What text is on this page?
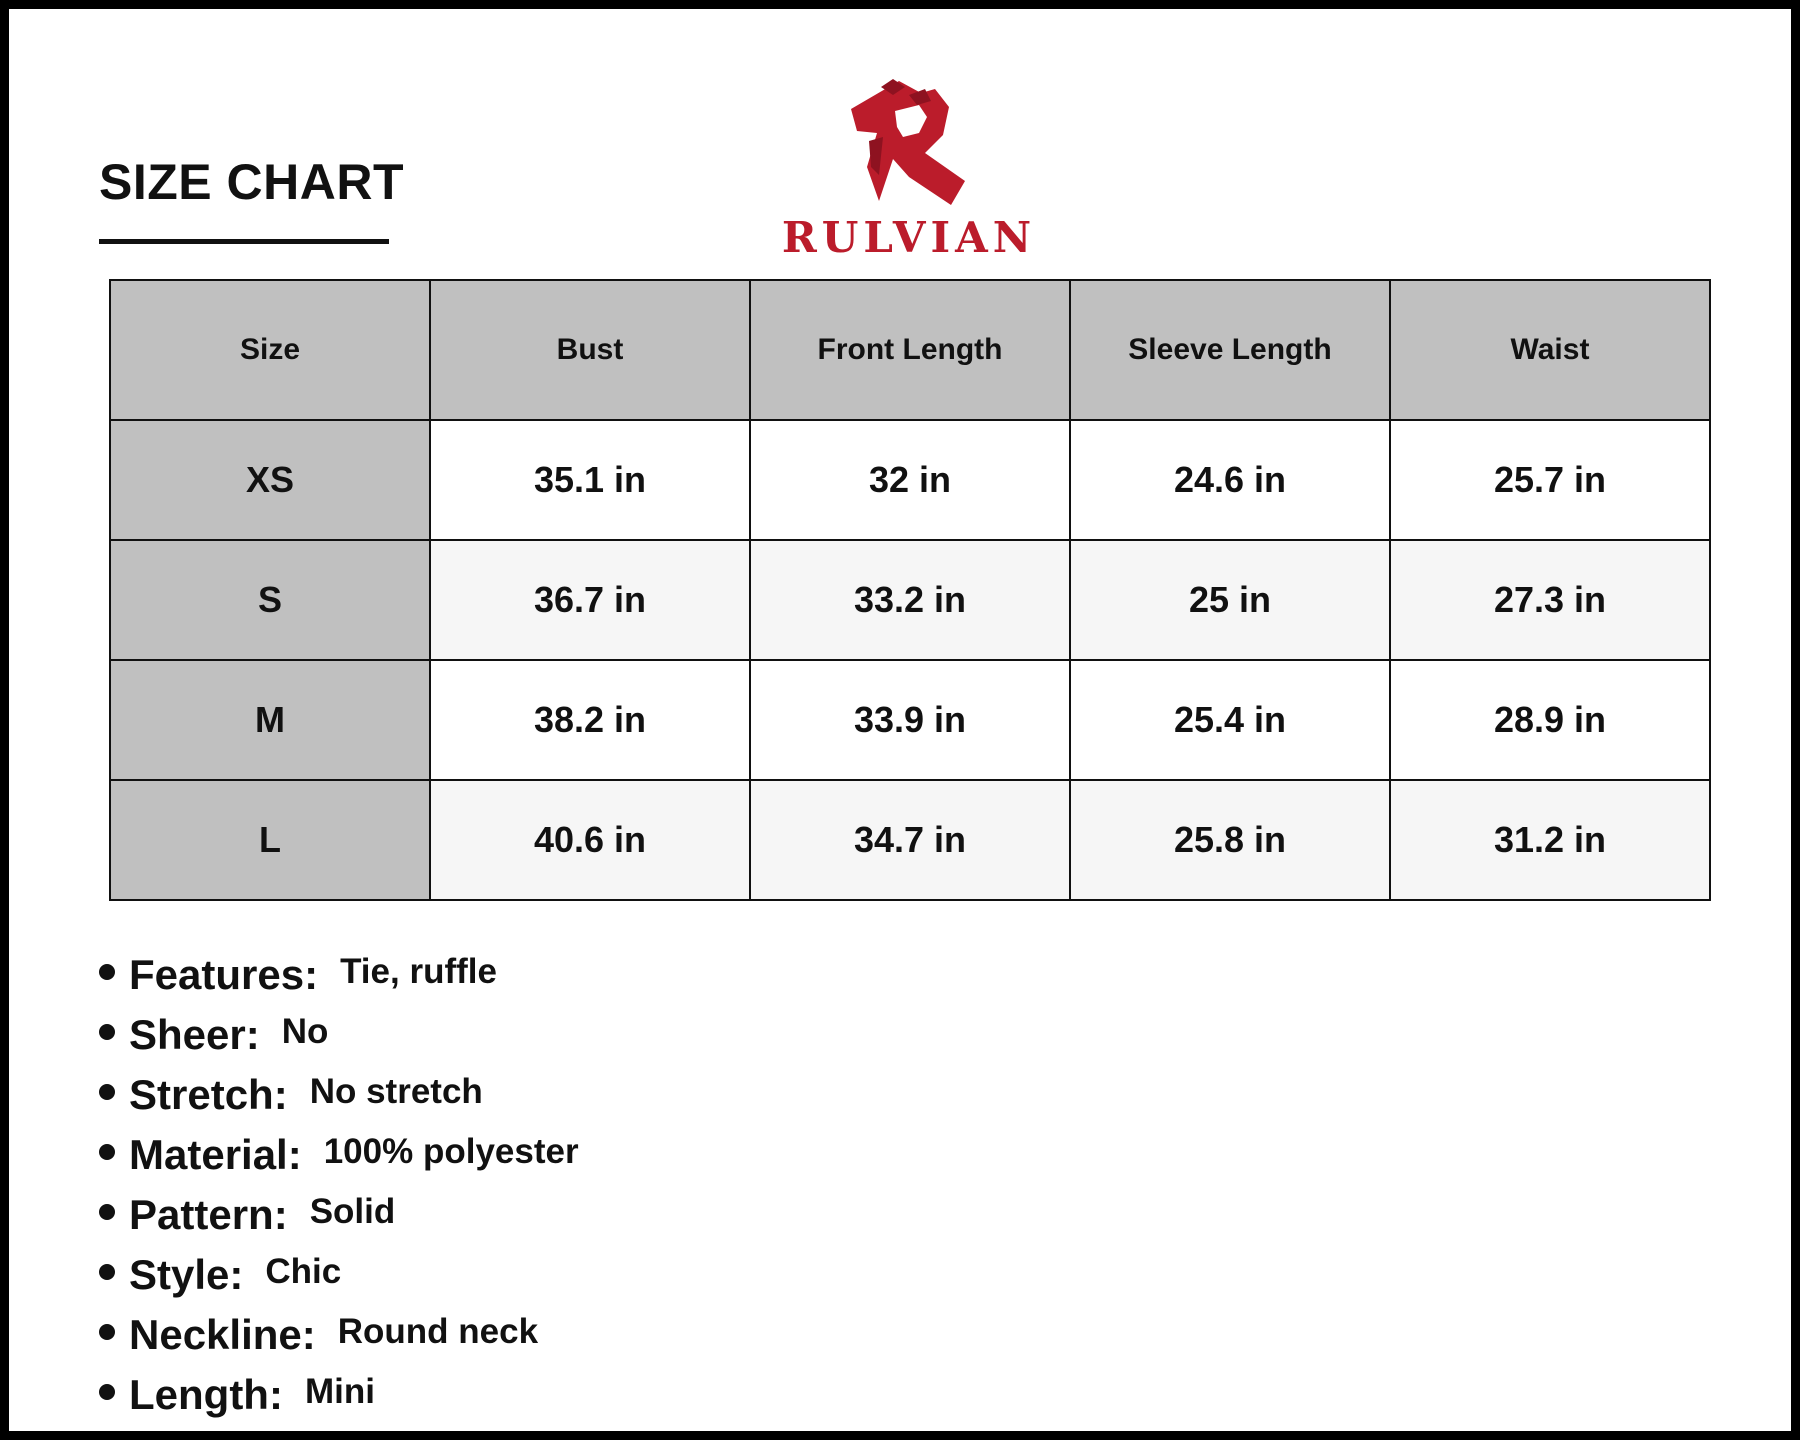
SIZE CHART
RULVIAN
Size	Bust	Front Length	Sleeve Length	Waist
XS	35.1 in	32 in	24.6 in	25.7 in
S	36.7 in	33.2 in	25 in	27.3 in
M	38.2 in	33.9 in	25.4 in	28.9 in
L	40.6 in	34.7 in	25.8 in	31.2 in
Features: Tie, ruffle
Sheer: No
Stretch: No stretch
Material: 100% polyester
Pattern: Solid
Style: Chic
Neckline: Round neck
Length: Mini
